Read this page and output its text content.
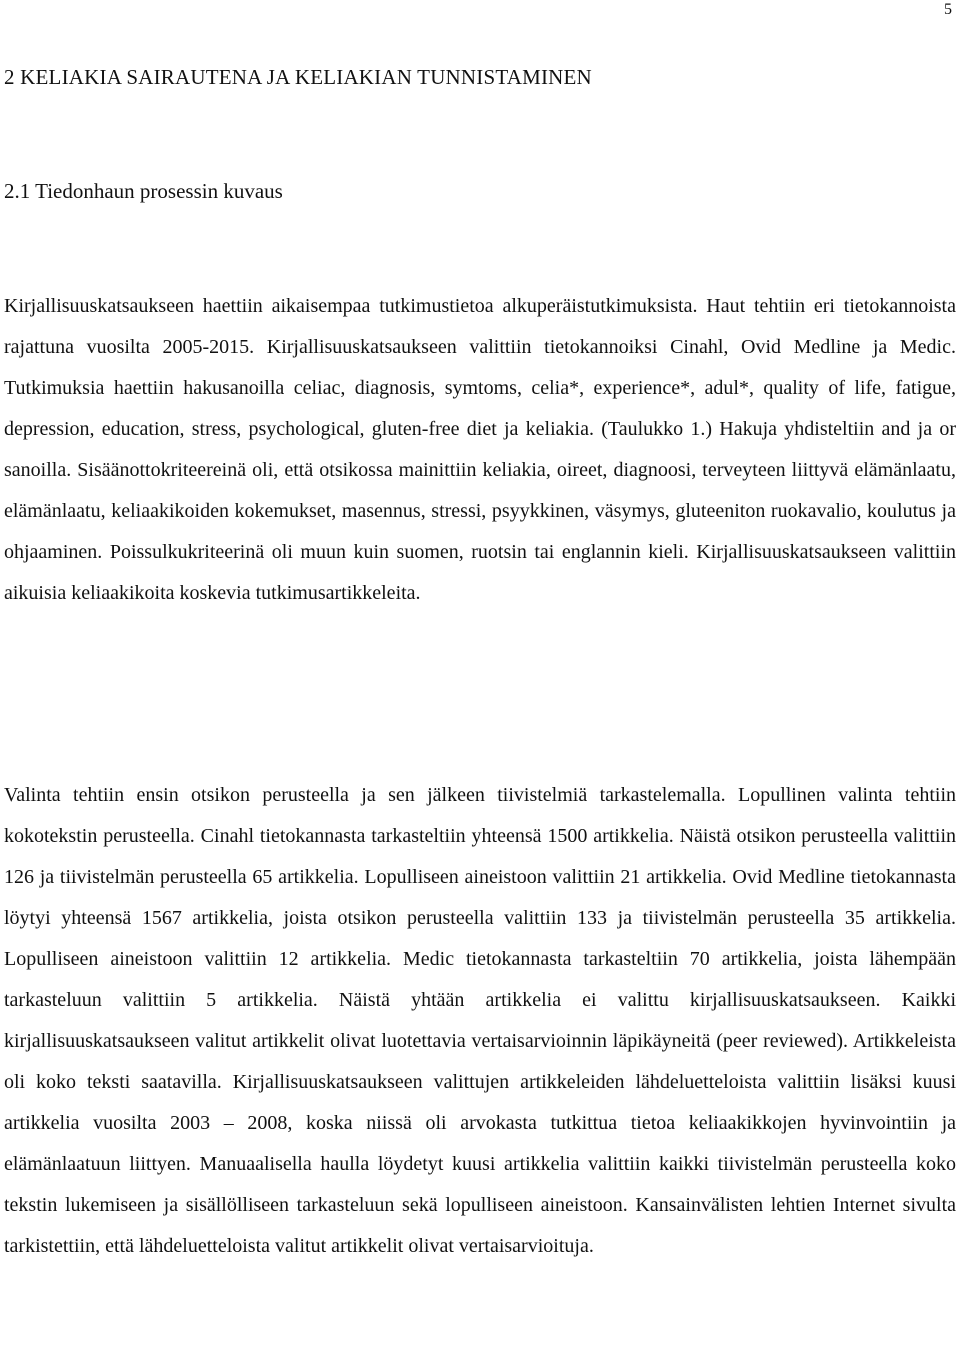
5
2 KELIAKIA SAIRAUTENA JA KELIAKIAN TUNNISTAMINEN
2.1 Tiedonhaun prosessin kuvaus

Kirjallisuuskatsaukseen haettiin aikaisempaa tutkimustietoa alkuperäistutkimuksista. Haut tehtiin eri tietokannoista rajattuna vuosilta 2005-2015. Kirjallisuuskatsaukseen valittiin tietokannoiksi Cinahl, Ovid Medline ja Medic. Tutkimuksia haettiin hakusanoilla celiac, diagnosis, symtoms, celia*, experience*, adul*, quality of life, fatigue, depression, education, stress, psychological, gluten-free diet ja keliakia. (Taulukko 1.) Hakuja yhdisteltiin and ja or sanoilla. Sisäänottokriteereinä oli, että otsikossa mainittiin keliakia, oireet, diagnoosi, terveyteen liittyvä elämänlaatu, elämänlaatu, keliaakikoiden kokemukset, masennus, stressi, psyykkinen, väsymys, gluteeniton ruokavalio, koulutus ja ohjaaminen. Poissulkukriteerinä oli muun kuin suomen, ruotsin tai englannin kieli. Kirjallisuuskatsaukseen valittiin aikuisia keliaakikoita koskevia tutkimusartikkeleita.

Valinta tehtiin ensin otsikon perusteella ja sen jälkeen tiivistelmiä tarkastelemalla. Lopullinen valinta tehtiin kokotekstin perusteella. Cinahl tietokannasta tarkasteltiin yhteensä 1500 artikkelia. Näistä otsikon perusteella valittiin 126 ja tiivistelmän perusteella 65 artikkelia. Lopulliseen aineistoon valittiin 21 artikkelia. Ovid Medline tietokannasta löytyi yhteensä 1567 artikkelia, joista otsikon perusteella valittiin 133 ja tiivistelmän perusteella 35 artikkelia. Lopulliseen aineistoon valittiin 12 artikkelia. Medic tietokannasta tarkasteltiin 70 artikkelia, joista lähempään tarkasteluun valittiin 5 artikkelia. Näistä yhtään artikkelia ei valittu kirjallisuuskatsaukseen. Kaikki kirjallisuuskatsaukseen valitut artikkelit olivat luotettavia vertaisarvioinnin läpikäyneitä (peer reviewed). Artikkeleista oli koko teksti saatavilla. Kirjallisuuskatsaukseen valittujen artikkeleiden lähdeluetteloista valittiin lisäksi kuusi artikkelia vuosilta 2003 – 2008, koska niissä oli arvokasta tutkittua tietoa keliaakikkojen hyvinvointiin ja elämänlaatuun liittyen. Manuaalisella haulla löydetyt kuusi artikkelia valittiin kaikki tiivistelmän perusteella koko tekstin lukemiseen ja sisällölliseen tarkasteluun sekä lopulliseen aineistoon. Kansainvälisten lehtien Internet sivulta tarkistettiin, että lähdeluetteloista valitut artikkelit olivat vertaisarvioituja.
